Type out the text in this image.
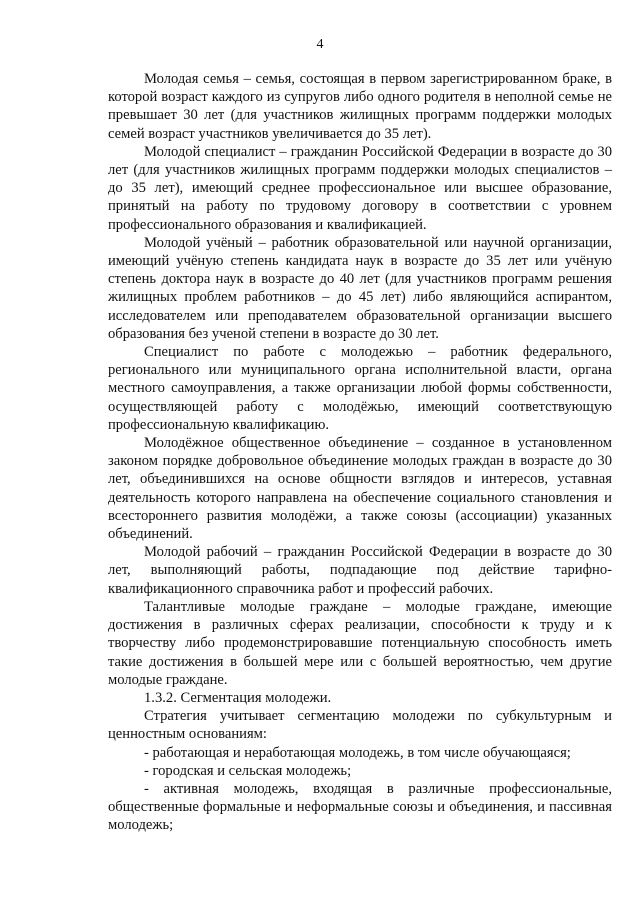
4

Молодая семья – семья, состоящая в первом зарегистрированном браке, в которой возраст каждого из супругов либо одного родителя в неполной семье не превышает 30 лет (для участников жилищных программ поддержки молодых семей возраст участников увеличивается до 35 лет).

Молодой специалист – гражданин Российской Федерации в возрасте до 30 лет (для участников жилищных программ поддержки молодых специалистов – до 35 лет), имеющий среднее профессиональное или высшее образование, принятый на работу по трудовому договору в соответствии с уровнем профессионального образования и квалификацией.

Молодой учёный – работник образовательной или научной организации, имеющий учёную степень кандидата наук в возрасте до 35 лет или учёную степень доктора наук в возрасте до 40 лет (для участников программ решения жилищных проблем работников – до 45 лет) либо являющийся аспирантом, исследователем или преподавателем образовательной организации высшего образования без ученой степени в возрасте до 30 лет.

Специалист по работе с молодежью – работник федерального, регионального или муниципального органа исполнительной власти, органа местного самоуправления, а также организации любой формы собственности, осуществляющей работу с молодёжью, имеющий соответствующую профессиональную квалификацию.

Молодёжное общественное объединение – созданное в установленном законом порядке добровольное объединение молодых граждан в возрасте до 30 лет, объединившихся на основе общности взглядов и интересов, уставная деятельность которого направлена на обеспечение социального становления и всестороннего развития молодёжи, а также союзы (ассоциации) указанных объединений.

Молодой рабочий – гражданин Российской Федерации в возрасте до 30 лет, выполняющий работы, подпадающие под действие тарифно-квалификационного справочника работ и профессий рабочих.

Талантливые молодые граждане – молодые граждане, имеющие достижения в различных сферах реализации, способности к труду и к творчеству либо продемонстрировавшие потенциальную способность иметь такие достижения в большей мере или с большей вероятностью, чем другие молодые граждане.

1.3.2. Сегментация молодежи.

Стратегия учитывает сегментацию молодежи по субкультурным и ценностным основаниям:

- работающая и неработающая молодежь, в том числе обучающаяся;

- городская и сельская молодежь;

- активная молодежь, входящая в различные профессиональные, общественные формальные и неформальные союзы и объединения, и пассивная молодежь;
